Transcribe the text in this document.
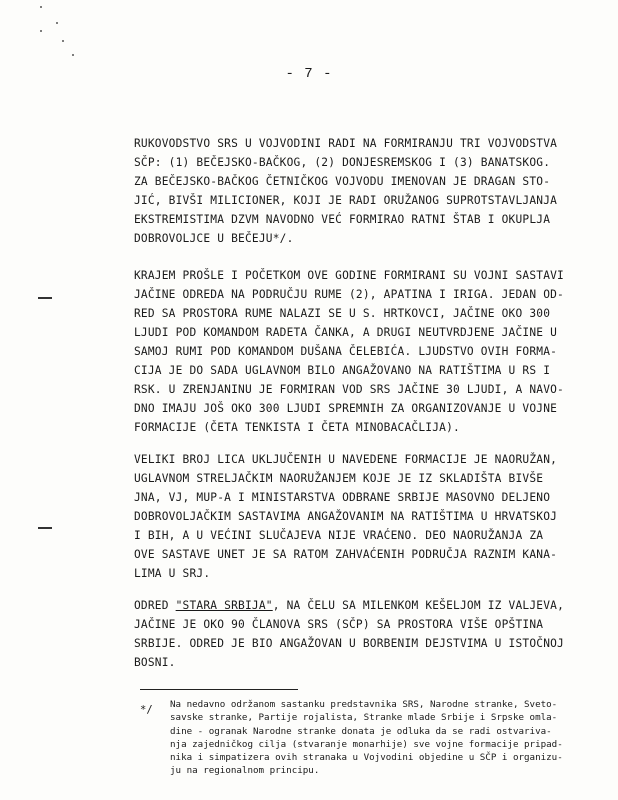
- 7 -

RUKOVODSTVO SRS U VOJVODINI RADI NA FORMIRANJU TRI VOJVODSTVA
SČP: (1) BEČEJSKO-BAČKOG, (2) DONJESREMSKOG I (3) BANATSKOG.
ZA BEČEJSKO-BAČKOG ČETNIČKOG VOJVODU IMENOVAN JE DRAGAN STO-
JIĆ, BIVŠI MILICIONER, KOJI JE RADI ORUŽANOG SUPROTSTAVLJANJA
EKSTREMISTIMA DZVM NAVODNO VEĆ FORMIRAO RATNI ŠTAB I OKUPLJA
DOBROVOLJCE U BEČEJU*/.

KRAJEM PROŠLE I POČETKOM OVE GODINE FORMIRANI SU VOJNI SASTAVI
JAČINE ODREDA NA PODRUČJU RUME (2), APATINA I IRIGA. JEDAN OD-
RED SA PROSTORA RUME NALAZI SE U S. HRTKOVCI, JAČINE OKO 300
LJUDI POD KOMANDOM RADETA ČANKA, A DRUGI NEUTVRDJENE JAČINE U
SAMOJ RUMI POD KOMANDOM DUŠANA ČELEBIĆA. LJUDSTVO OVIH FORMA-
CIJA JE DO SADA UGLAVNOM BILO ANGAŽOVANO NA RATIŠTIMA U RS I
RSK. U ZRENJANINU JE FORMIRAN VOD SRS JAČINE 30 LJUDI, A NAVO-
DNO IMAJU JOŠ OKO 300 LJUDI SPREMNIH ZA ORGANIZOVANJE U VOJNE
FORMACIJE (ČETA TENKISTA I ČETA MINOBACAČLIJA).

VELIKI BROJ LICA UKLJUČENIH U NAVEDENE FORMACIJE JE NAORUŽAN,
UGLAVNOM STRELJAČKIM NAORUŽANJEM KOJE JE IZ SKLADIŠTA BIVŠE
JNA, VJ, MUP-A I MINISTARSTVA ODBRANE SRBIJE MASOVNO DELJENO
DOBROVOLJAČKIM SASTAVIMA ANGAŽOVANIM NA RATIŠTIMA U HRVATSKOJ
I BIH, A U VEĆINI SLUČAJEVA NIJE VRAĆENO. DEO NAORUŽANJA ZA
OVE SASTAVE UNET JE SA RATOM ZAHVAĆENIH PODRUČJA RAZNIM KANA-
LIMA U SRJ.

ODRED "STARA SRBIJA", NA ČELU SA MILENKOM KEŠELJOM IZ VALJEVA,
JAČINE JE OKO 90 ČLANOVA SRS (SČP) SA PROSTORA VIŠE OPŠTINA
SRBIJE. ODRED JE BIO ANGAŽOVAN U BORBENIM DEJSTVIMA U ISTOČNOJ
BOSNI.

*/ Na nedavno održanom sastanku predstavnika SRS, Narodne stranke, Sveto-
savske stranke, Partije rojalista, Stranke mlade Srbije i Srpske omla-
dine - ogranak Narodne stranke donata je odluka da se radi ostvariva-
nja zajedničkog cilja (stvaranje monarhije) sve vojne formacije pripad-
nika i simpatizera ovih stranaka u Vojvodini objedine u SČP i organizu-
ju na regionalnom principu.
